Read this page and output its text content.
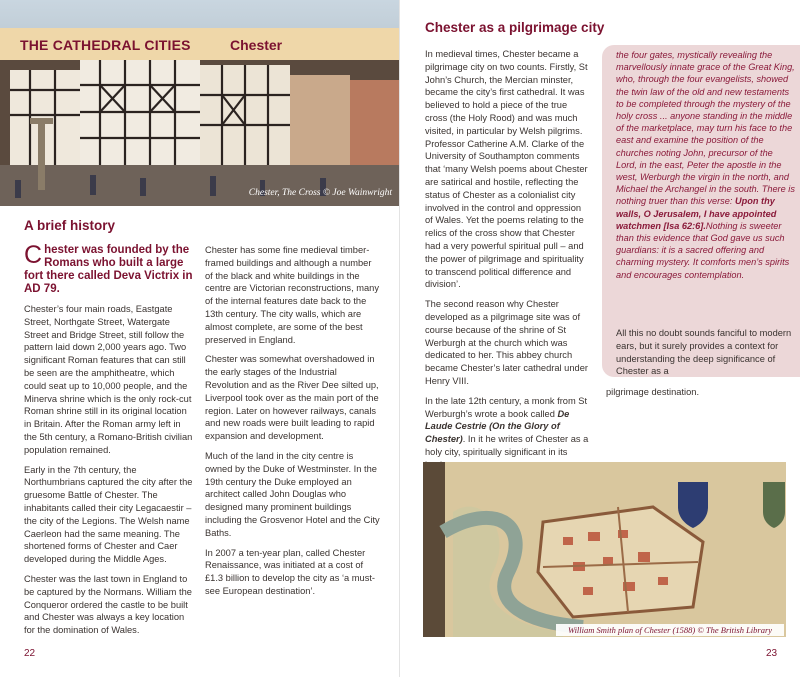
THE CATHEDRAL CITIES	Chester
Chester, The Cross © Joe Wainwright
A brief history

Chester was founded by the Romans who built a large fort there called Deva Victrix in AD 79.

Chester’s four main roads, Eastgate Street, Northgate Street, Watergate Street and Bridge Street, still follow the pattern laid down 2,000 years ago. Two significant Roman features that can still be seen are the amphitheatre, which could seat up to 10,000 people, and the Minerva shrine which is the only rock-cut Roman shrine still in its original location in Britain. After the Roman army left in the 5th century, a Romano-British civilian population remained.

Early in the 7th century, the Northumbrians captured the city after the gruesome Battle of Chester. The inhabitants called their city Legacaestir – the city of the Legions. The Welsh name Caerleon had the same meaning. The shortened forms of Chester and Caer developed during the Middle Ages.

Chester was the last town in England to be captured by the Normans. William the Conqueror ordered the castle to be built and Chester was always a key location for the domination of Wales.

Chester has some fine medieval timber-framed buildings and although a number of the black and white buildings in the centre are Victorian reconstructions, many of the internal features date back to the 13th century. The city walls, which are almost complete, are some of the best preserved in England.

Chester was somewhat overshadowed in the early stages of the Industrial Revolution and as the River Dee silted up, Liverpool took over as the main port of the region. Later on however railways, canals and new roads were built leading to rapid expansion and development.

Much of the land in the city centre is owned by the Duke of Westminster. In the 19th century the Duke employed an architect called John Douglas who designed many prominent buildings including the Grosvenor Hotel and the City Baths.

In 2007 a ten-year plan, called Chester Renaissance, was initiated at a cost of £1.3 billion to develop the city as ‘a must-see European destination’.

22
Chester as a pilgrimage city

In medieval times, Chester became a pilgrimage city on two counts. Firstly, St John’s Church, the Mercian minster, became the city’s first cathedral. It was believed to hold a piece of the true cross (the Holy Rood) and was much visited, in particular by Welsh pilgrims. Professor Catherine A.M. Clarke of the University of Southampton comments that ‘many Welsh poems about Chester are satirical and hostile, reflecting the status of Chester as a colonialist city involved in the control and oppression of Wales. Yet the poems relating to the relics of the cross show that Chester had a very powerful spiritual pull – and the power of pilgrimage and spirituality to transcend political difference and division’.

The second reason why Chester developed as a pilgrimage site was of course because of the shrine of St Werburgh at the church which was dedicated to her. This abbey church became Chester’s later cathedral under Henry VIII.

In the late 12th century, a monk from St Werburgh’s wrote a book called De Laude Cestrie (On the Glory of Chester). In it he writes of Chester as a holy city, spiritually significant in its

the four gates, mystically revealing the marvellously innate grace of the Great King, who, through the four evangelists, showed the twin law of the old and new testaments to be completed through the mystery of the holy cross ... anyone standing in the middle of the marketplace, may turn his face to the east and examine the position of the churches noting John, precursor of the Lord, in the east, Peter the apostle in the west, Werburgh the virgin in the north, and Michael the Archangel in the south. There is nothing truer than this verse: Upon thy walls, O Jerusalem, I have appointed watchmen [Isa 62:6].Nothing is sweeter than this evidence that God gave us such guardians: it is a sacred offering and charming mystery. It comforts men’s spirits and encourages contemplation.
All this no doubt sounds fanciful to modern ears, but it surely provides a context for understanding the deep significance of Chester as a
pilgrimage destination.
William Smith plan of Chester (1588) © The British Library
23
